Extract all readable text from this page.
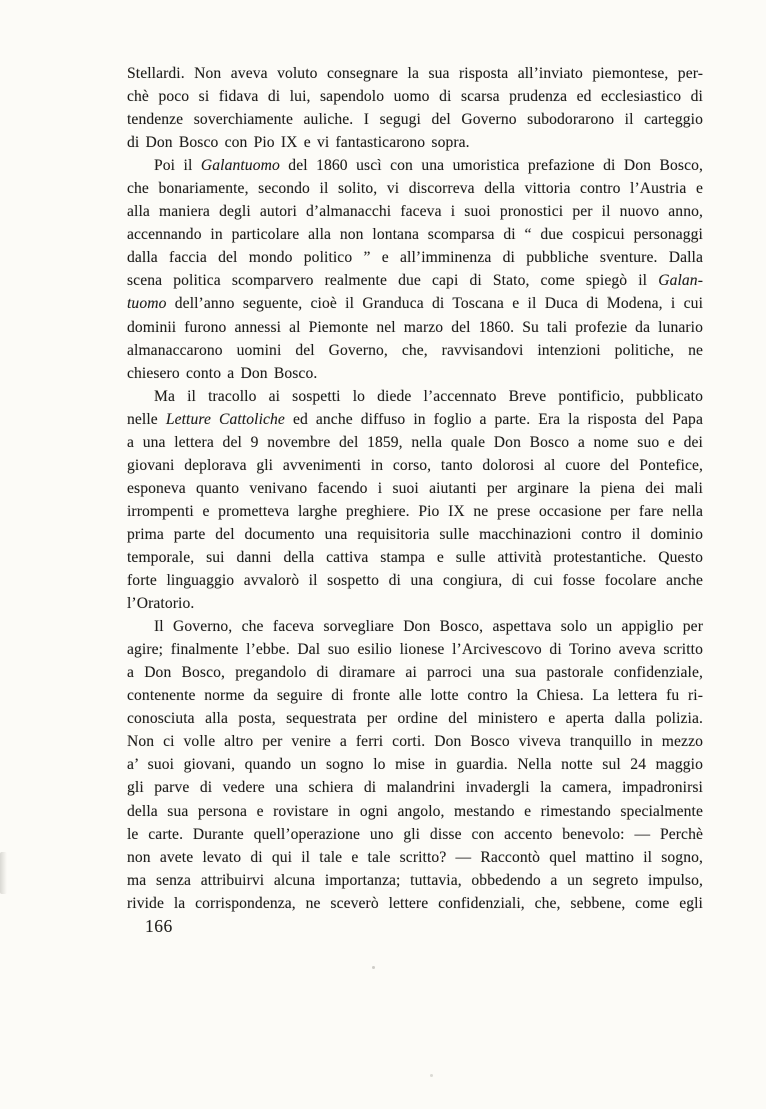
Stellardi. Non aveva voluto consegnare la sua risposta all’inviato piemontese, per-
chè poco si fidava di lui, sapendolo uomo di scarsa prudenza ed ecclesiastico di
tendenze soverchiamente auliche. I segugi del Governo subodorarono il carteggio
di Don Bosco con Pio IX e vi fantasticarono sopra.
Poi il Galantuomo del 1860 uscì con una umoristica prefazione di Don Bosco,
che bonariamente, secondo il solito, vi discorreva della vittoria contro l’Austria e
alla maniera degli autori d’almanacchi faceva i suoi pronostici per il nuovo anno,
accennando in particolare alla non lontana scomparsa di “ due cospicui personaggi
dalla faccia del mondo politico ” e all’imminenza di pubbliche sventure. Dalla
scena politica scomparvero realmente due capi di Stato, come spiegò il Galan-
tuomo dell’anno seguente, cioè il Granduca di Toscana e il Duca di Modena, i cui
dominii furono annessi al Piemonte nel marzo del 1860. Su tali profezie da lunario
almanaccarono uomini del Governo, che, ravvisandovi intenzioni politiche, ne
chiesero conto a Don Bosco.
Ma il tracollo ai sospetti lo diede l’accennato Breve pontificio, pubblicato
nelle Letture Cattoliche ed anche diffuso in foglio a parte. Era la risposta del Papa
a una lettera del 9 novembre del 1859, nella quale Don Bosco a nome suo e dei
giovani deplorava gli avvenimenti in corso, tanto dolorosi al cuore del Pontefice,
esponeva quanto venivano facendo i suoi aiutanti per arginare la piena dei mali
irrompenti e prometteva larghe preghiere. Pio IX ne prese occasione per fare nella
prima parte del documento una requisitoria sulle macchinazioni contro il dominio
temporale, sui danni della cattiva stampa e sulle attività protestantiche. Questo
forte linguaggio avvalorò il sospetto di una congiura, di cui fosse focolare anche
l’Oratorio.
Il Governo, che faceva sorvegliare Don Bosco, aspettava solo un appiglio per
agire; finalmente l’ebbe. Dal suo esilio lionese l’Arcivescovo di Torino aveva scritto
a Don Bosco, pregandolo di diramare ai parroci una sua pastorale confidenziale,
contenente norme da seguire di fronte alle lotte contro la Chiesa. La lettera fu ri-
conosciuta alla posta, sequestrata per ordine del ministero e aperta dalla polizia.
Non ci volle altro per venire a ferri corti. Don Bosco viveva tranquillo in mezzo
a’ suoi giovani, quando un sogno lo mise in guardia. Nella notte sul 24 maggio
gli parve di vedere una schiera di malandrini invadergli la camera, impadronirsi
della sua persona e rovistare in ogni angolo, mestando e rimestando specialmente
le carte. Durante quell’operazione uno gli disse con accento benevolo: — Perchè
non avete levato di qui il tale e tale scritto? — Raccontò quel mattino il sogno,
ma senza attribuirvi alcuna importanza; tuttavia, obbedendo a un segreto impulso,
rivide la corrispondenza, ne sceverò lettere confidenziali, che, sebbene, come egli
166
